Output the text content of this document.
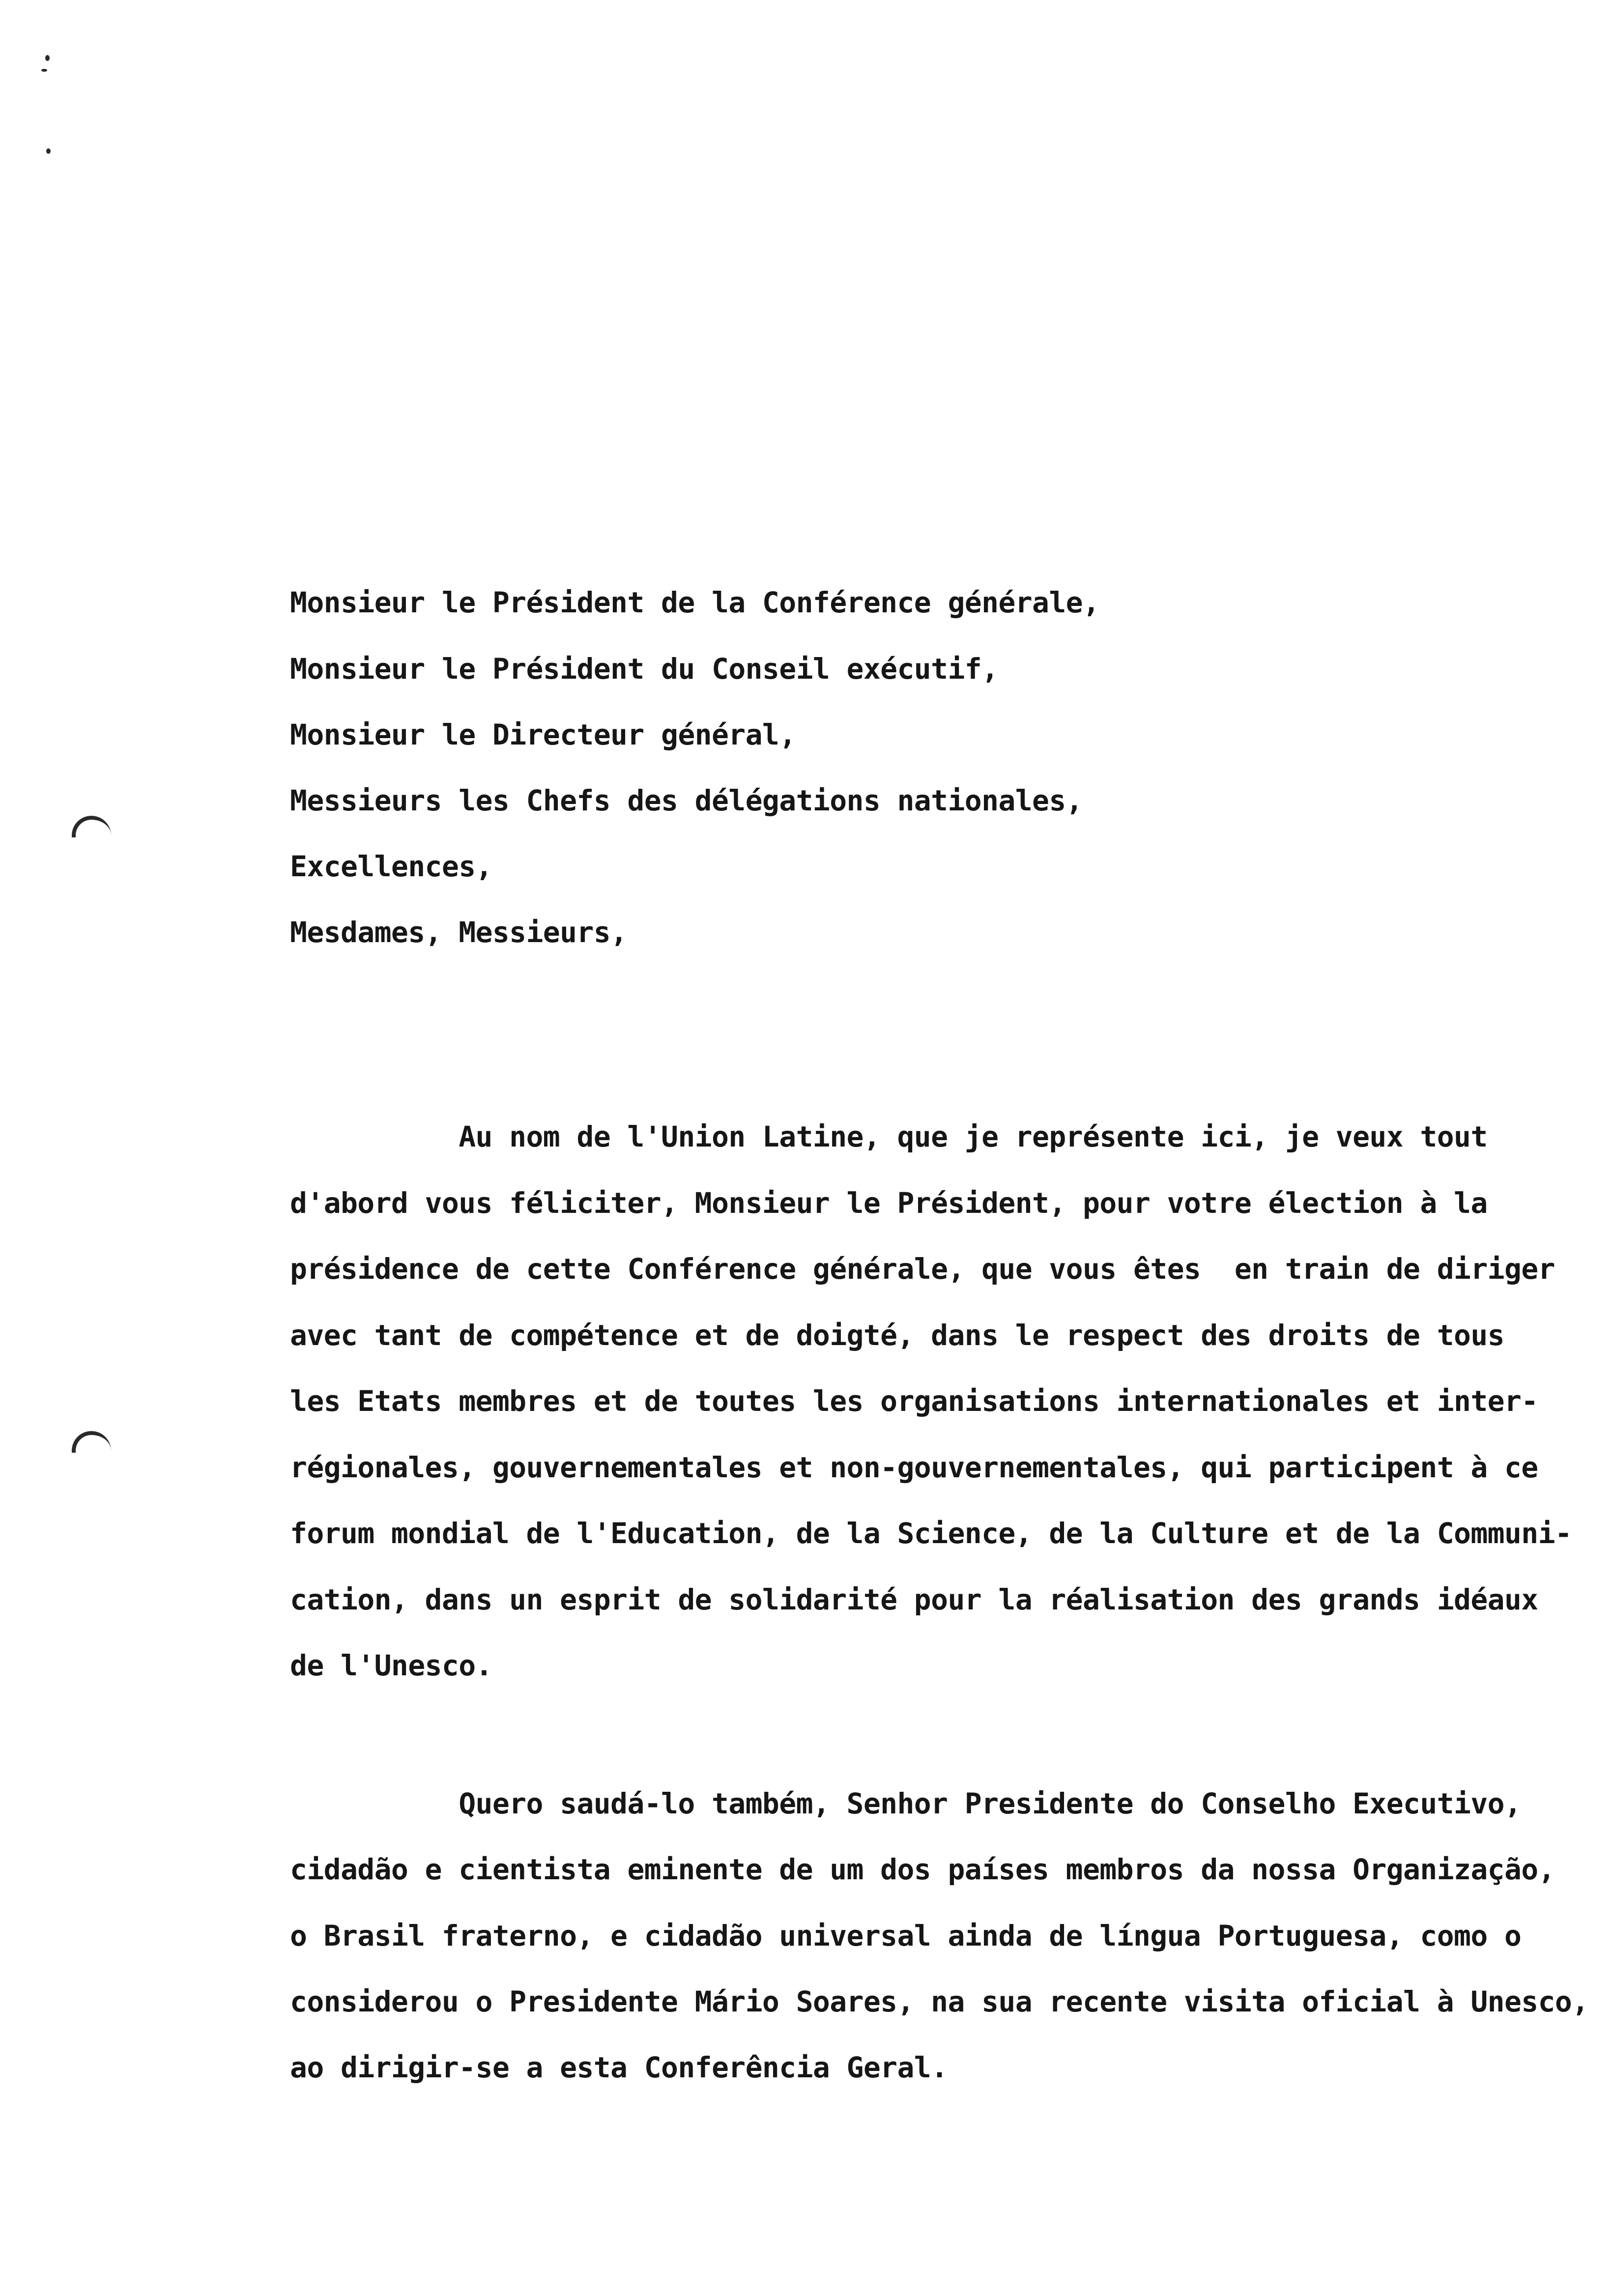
Monsieur le Président de la Conférence générale,
Monsieur le Président du Conseil exécutif,
Monsieur le Directeur général,
Messieurs les Chefs des délégations nationales,
Excellences,
Mesdames, Messieurs,
Au nom de l'Union Latine, que je représente ici, je veux tout
d'abord vous féliciter, Monsieur le Président, pour votre élection à la
présidence de cette Conférence générale, que vous êtes  en train de diriger
avec tant de compétence et de doigté, dans le respect des droits de tous
les Etats membres et de toutes les organisations internationales et inter-
régionales, gouvernementales et non-gouvernementales, qui participent à ce
forum mondial de l'Education, de la Science, de la Culture et de la Communi-
cation, dans un esprit de solidarité pour la réalisation des grands idéaux
de l'Unesco.
Quero saudá-lo também, Senhor Presidente do Conselho Executivo,
cidadão e cientista eminente de um dos países membros da nossa Organização,
o Brasil fraterno, e cidadão universal ainda de língua Portuguesa, como o
considerou o Presidente Mário Soares, na sua recente visita oficial à Unesco,
ao dirigir-se a esta Conferência Geral.
